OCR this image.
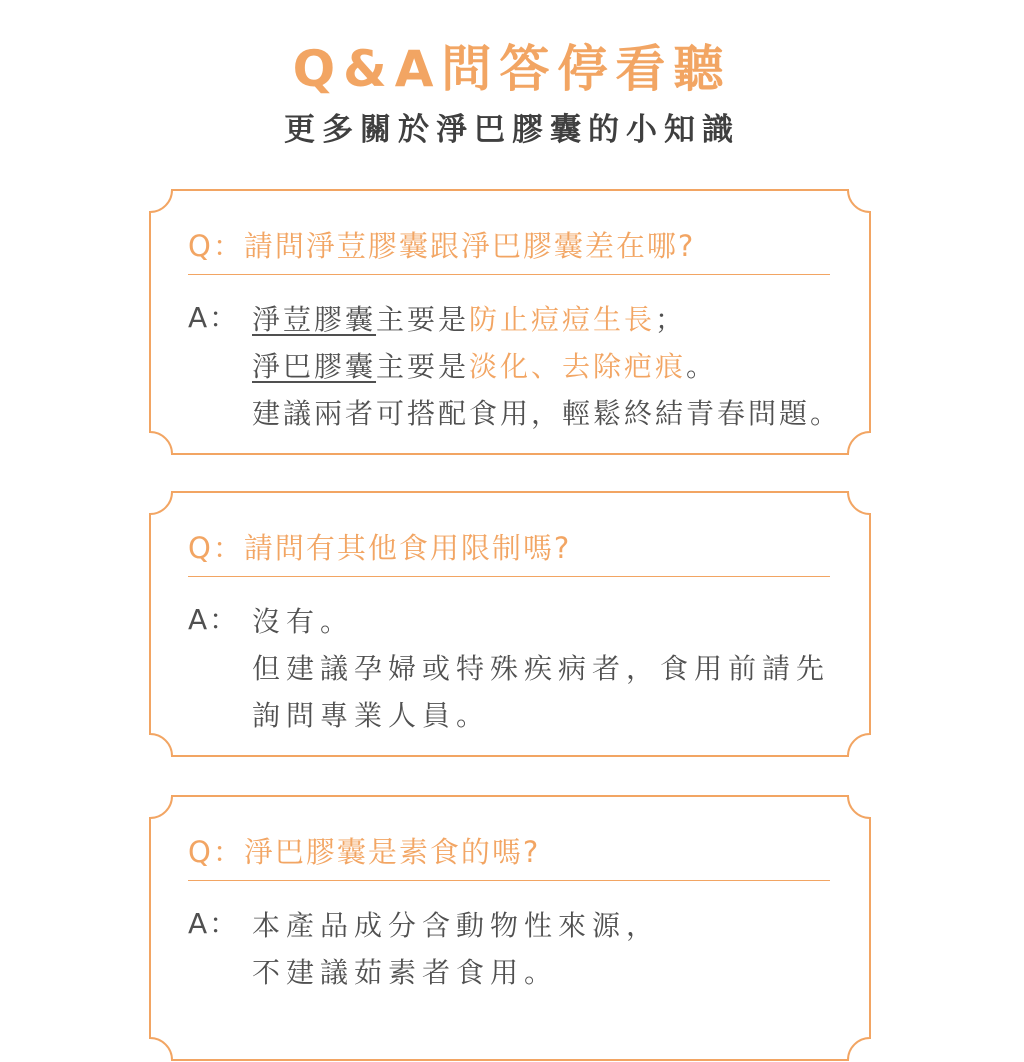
Q&A問答停看聽
更多關於淨巴膠囊的小知識
Q：請問淨荳膠囊跟淨巴膠囊差在哪?
A： 淨荳膠囊主要是防止痘痘生長；
淨巴膠囊主要是淡化、去除疤痕。
建議兩者可搭配食用，輕鬆終結青春問題。
Q：請問有其他食用限制嗎?
A： 沒有。
但建議孕婦或特殊疾病者，食用前請先
詢問專業人員。
Q：淨巴膠囊是素食的嗎?
A： 本產品成分含動物性來源，
不建議茹素者食用。
